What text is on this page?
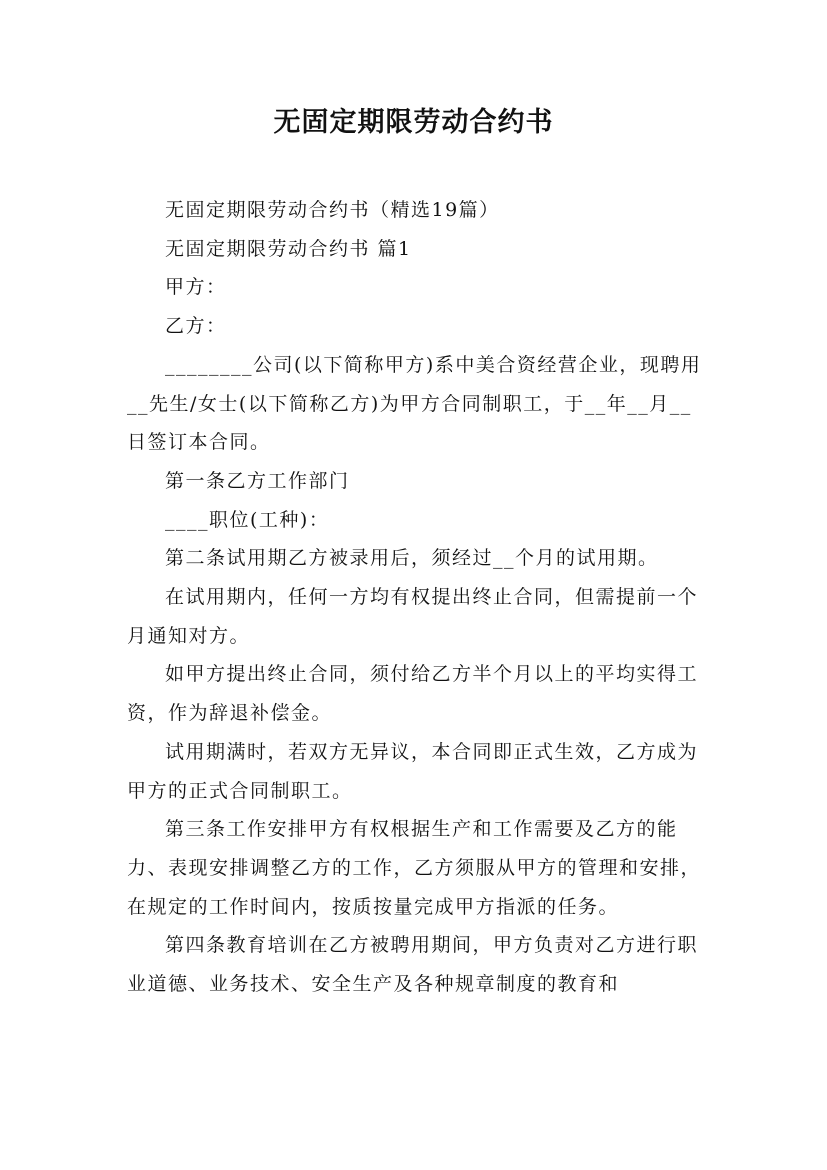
无固定期限劳动合约书

无固定期限劳动合约书（精选19篇）

无固定期限劳动合约书 篇1

甲方：

乙方：

________公司(以下简称甲方)系中美合资经营企业，现聘用__先生/女士(以下简称乙方)为甲方合同制职工，于__年__月__日签订本合同。

第一条乙方工作部门

____职位(工种)：

第二条试用期乙方被录用后，须经过__个月的试用期。

在试用期内，任何一方均有权提出终止合同，但需提前一个月通知对方。

如甲方提出终止合同，须付给乙方半个月以上的平均实得工资，作为辞退补偿金。

试用期满时，若双方无异议，本合同即正式生效，乙方成为甲方的正式合同制职工。

第三条工作安排甲方有权根据生产和工作需要及乙方的能力、表现安排调整乙方的工作，乙方须服从甲方的管理和安排，在规定的工作时间内，按质按量完成甲方指派的任务。

第四条教育培训在乙方被聘用期间，甲方负责对乙方进行职业道德、业务技术、安全生产及各种规章制度的教育和
